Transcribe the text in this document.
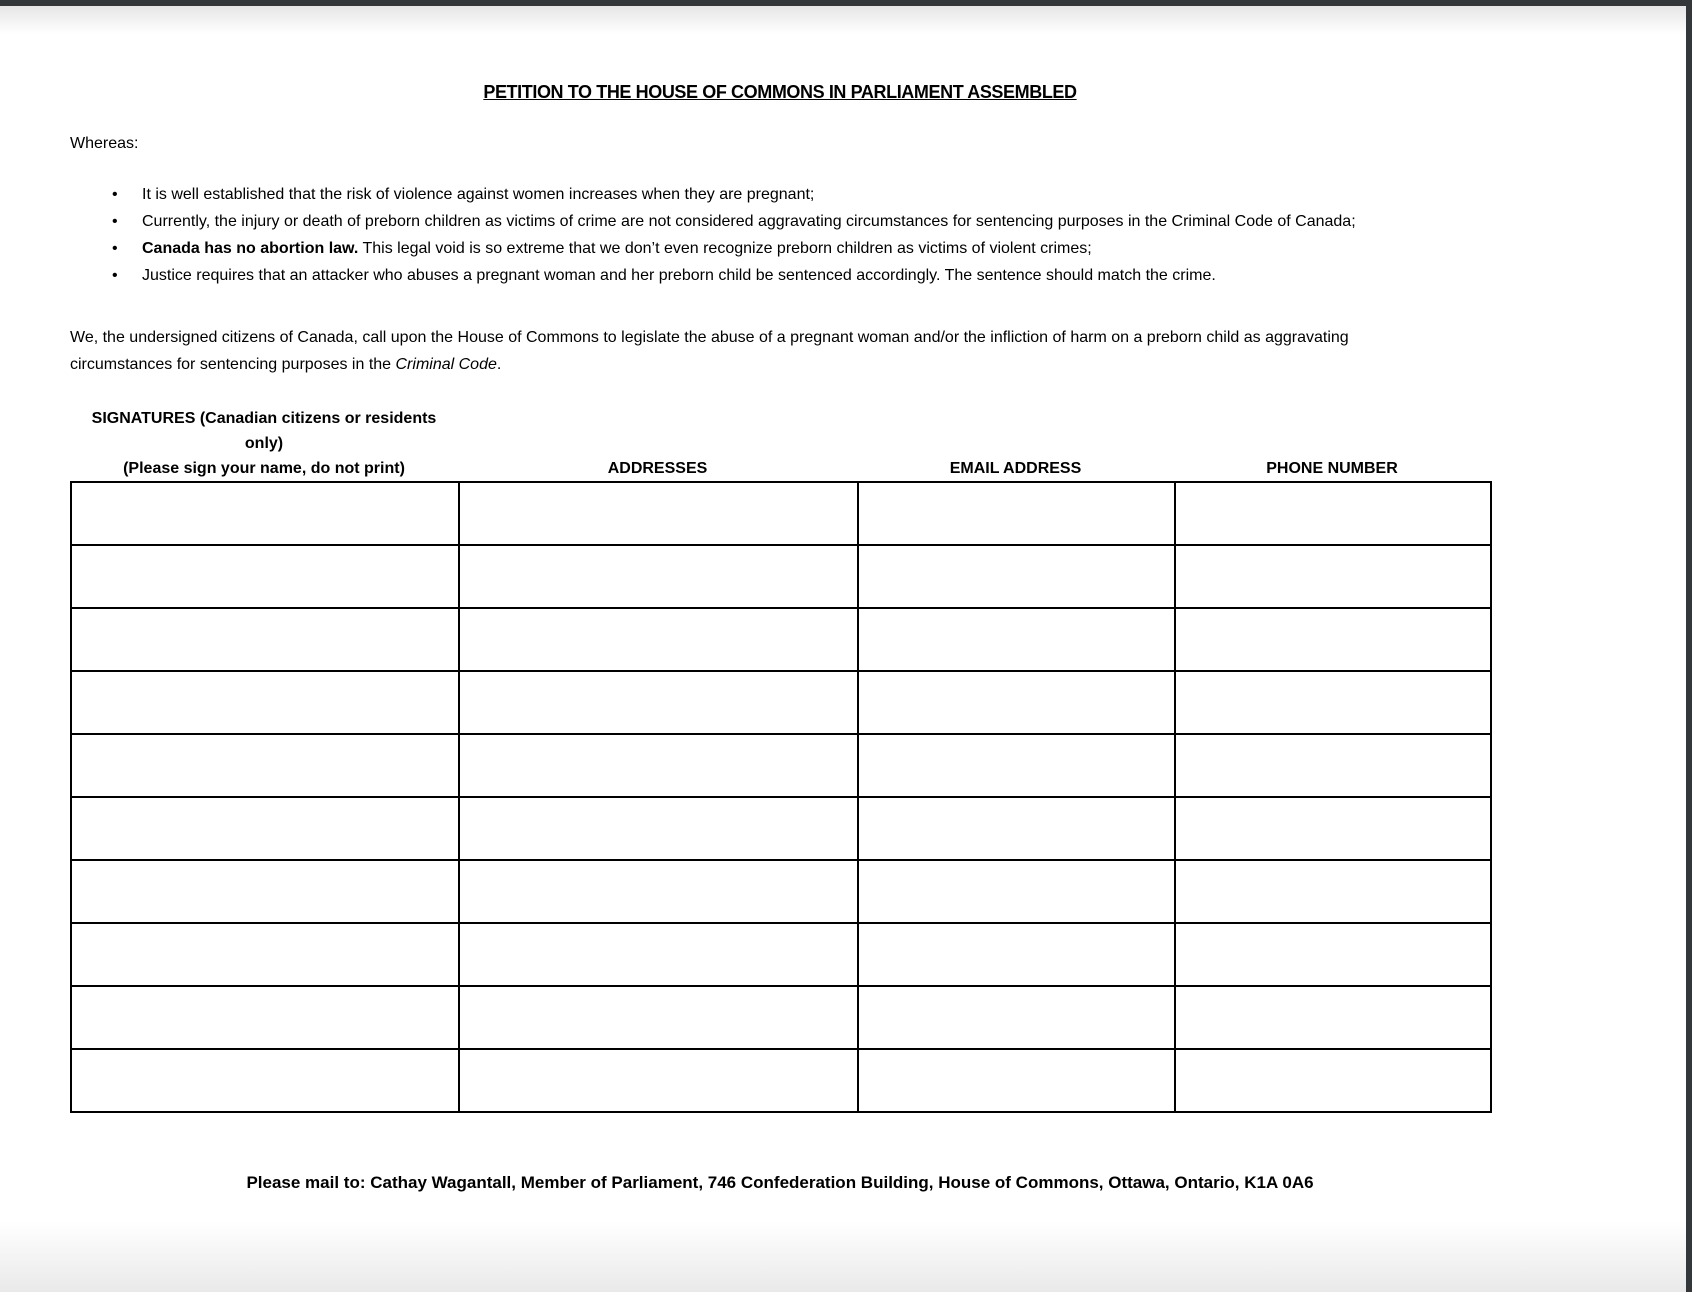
PETITION TO THE HOUSE OF COMMONS IN PARLIAMENT ASSEMBLED

Whereas:

• It is well established that the risk of violence against women increases when they are pregnant;
• Currently, the injury or death of preborn children as victims of crime are not considered aggravating circumstances for sentencing purposes in the Criminal Code of Canada;
• Canada has no abortion law. This legal void is so extreme that we don’t even recognize preborn children as victims of violent crimes;
• Justice requires that an attacker who abuses a pregnant woman and her preborn child be sentenced accordingly. The sentence should match the crime.

We, the undersigned citizens of Canada, call upon the House of Commons to legislate the abuse of a pregnant woman and/or the infliction of harm on a preborn child as aggravating circumstances for sentencing purposes in the Criminal Code.

SIGNATURES (Canadian citizens or residents
only)
(Please sign your name, do not print)	ADDRESSES	EMAIL ADDRESS	PHONE NUMBER

Please mail to: Cathay Wagantall, Member of Parliament, 746 Confederation Building, House of Commons, Ottawa, Ontario, K1A 0A6
